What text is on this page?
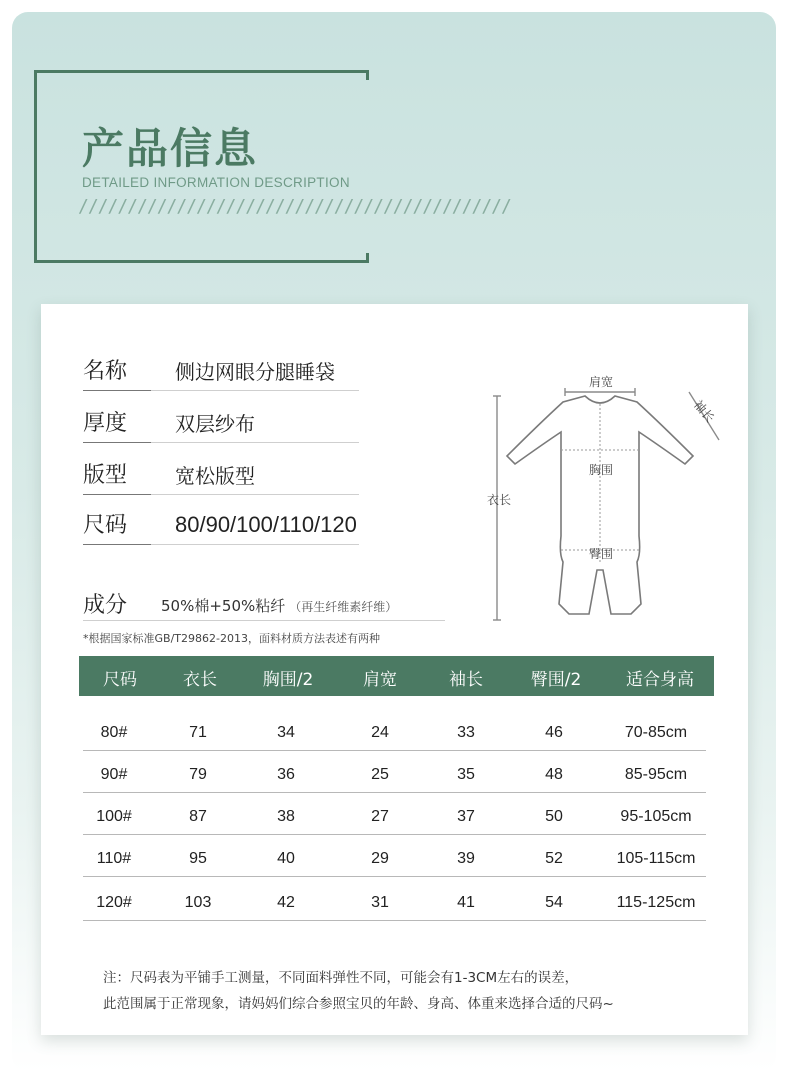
产品信息
DETAILED INFORMATION DESCRIPTION
////////////////////////////////////////////
名称 侧边网眼分腿睡袋
厚度 双层纱布
版型 宽松版型
尺码 80/90/100/110/120
成分 50%棉+50%粘纤 （再生纤维素纤维）
*根据国家标准GB/T29862-2013，面料材质方法表述有两种
肩宽
袖长
胸围
衣长
臀围
尺码	衣长	胸围/2	肩宽	袖长	臀围/2	适合身高
80#	71	34	24	33	46	70-85cm
90#	79	36	25	35	48	85-95cm
100#	87	38	27	37	50	95-105cm
110#	95	40	29	39	52	105-115cm
120#	103	42	31	41	54	115-125cm
注：尺码表为平铺手工测量，不同面料弹性不同，可能会有1-3CM左右的误差，
此范围属于正常现象，请妈妈们综合参照宝贝的年龄、身高、体重来选择合适的尺码~
